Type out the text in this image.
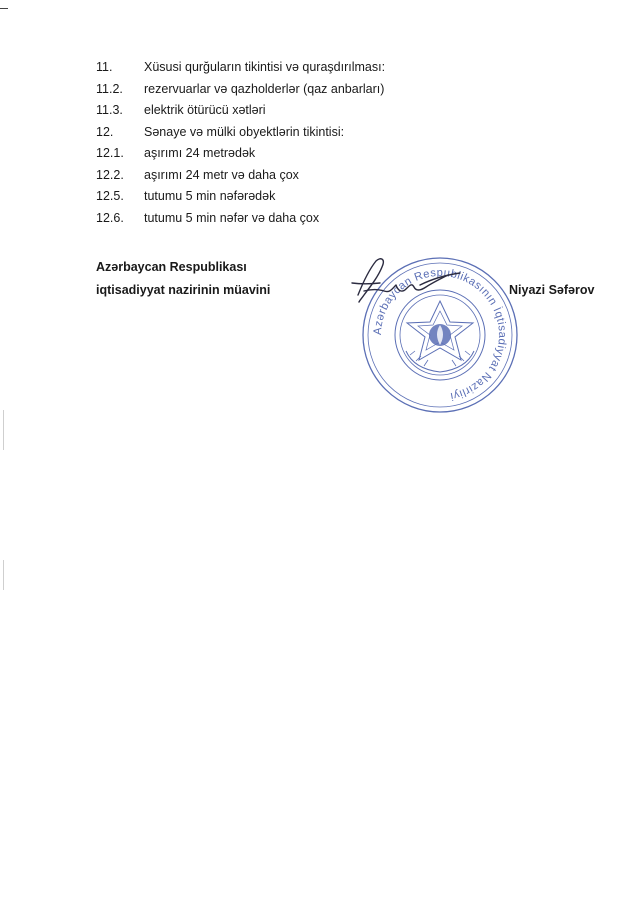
11.	Xüsusi qurğuların tikintisi və quraşdırılması:
11.2. rezervuarlar və qazholderlər (qaz anbarları)
11.3. elektrik ötürücü xətləri
12. Sənaye və mülki obyektlərin tikintisi:
12.1. aşırımı 24 metrədək
12.2. aşırımı 24 metr və daha çox
12.5. tutumu 5 min nəfərədək
12.6. tutumu 5 min nəfər və daha çox
Azərbaycan Respublikası
iqtisadiyyat nazirinin müavini	Niyazi Səfərov
Azərbaycan Respublikasının İqtisadiyyat Nazirliyi
